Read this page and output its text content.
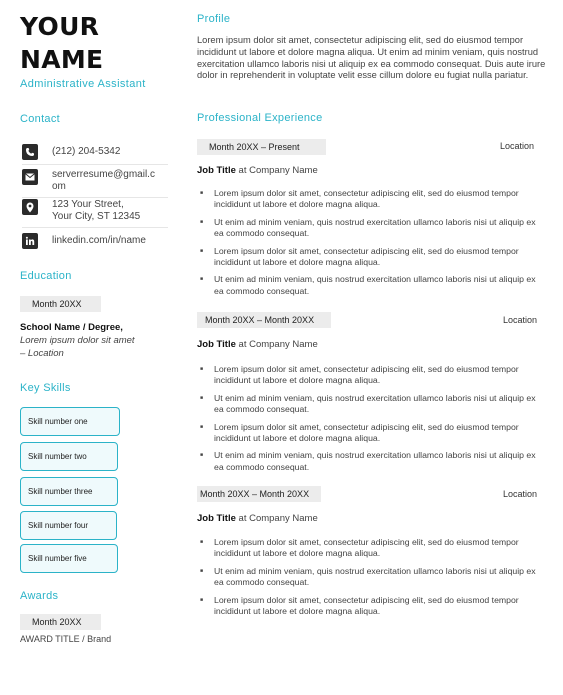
YOUR
NAME
Administrative Assistant
Contact
(212) 204-5342
serverresume@gmail.com
123 Your Street,
Your City, ST 12345
linkedin.com/in/name
Education
Month 20XX
School Name / Degree,
Lorem ipsum dolor sit amet
– Location
Key Skills
Skill number one
Skill number two
Skill number three
Skill number four
Skill number five
Awards
Month 20XX
AWARD TITLE / Brand
Profile
Lorem ipsum dolor sit amet, consectetur adipiscing elit, sed do eiusmod tempor incididunt ut labore et dolore magna aliqua. Ut enim ad minim veniam, quis nostrud exercitation ullamco laboris nisi ut aliquip ex ea commodo consequat. Duis aute irure dolor in reprehenderit in voluptate velit esse cillum dolore eu fugiat nulla pariatur.
Professional Experience
Month 20XX – Present	Location
Job Title at Company Name
■ Lorem ipsum dolor sit amet, consectetur adipiscing elit, sed do eiusmod tempor incididunt ut labore et dolore magna aliqua.
■ Ut enim ad minim veniam, quis nostrud exercitation ullamco laboris nisi ut aliquip ex ea commodo consequat.
■ Lorem ipsum dolor sit amet, consectetur adipiscing elit, sed do eiusmod tempor incididunt ut labore et dolore magna aliqua.
■ Ut enim ad minim veniam, quis nostrud exercitation ullamco laboris nisi ut aliquip ex ea commodo consequat.
Month 20XX – Month 20XX	Location
Job Title at Company Name
■ Lorem ipsum dolor sit amet, consectetur adipiscing elit, sed do eiusmod tempor incididunt ut labore et dolore magna aliqua.
■ Ut enim ad minim veniam, quis nostrud exercitation ullamco laboris nisi ut aliquip ex ea commodo consequat.
■ Lorem ipsum dolor sit amet, consectetur adipiscing elit, sed do eiusmod tempor incididunt ut labore et dolore magna aliqua.
■ Ut enim ad minim veniam, quis nostrud exercitation ullamco laboris nisi ut aliquip ex ea commodo consequat.
Month 20XX – Month 20XX	Location
Job Title at Company Name
■ Lorem ipsum dolor sit amet, consectetur adipiscing elit, sed do eiusmod tempor incididunt ut labore et dolore magna aliqua.
■ Ut enim ad minim veniam, quis nostrud exercitation ullamco laboris nisi ut aliquip ex ea commodo consequat.
■ Lorem ipsum dolor sit amet, consectetur adipiscing elit, sed do eiusmod tempor incididunt ut labore et dolore magna aliqua.
